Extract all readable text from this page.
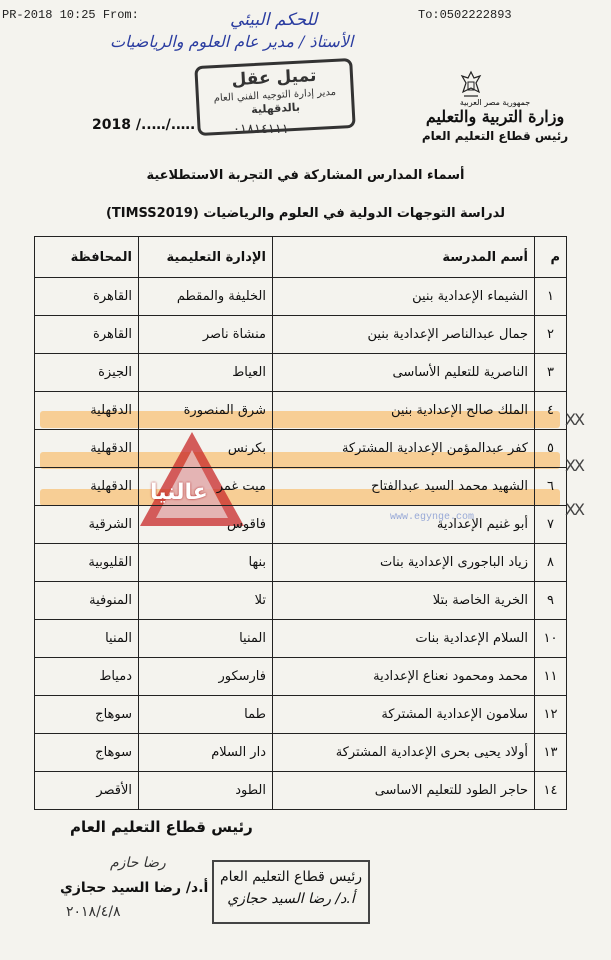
PR-2018 10:25 From:	To:0502222893
للحكم البيئي
الأستاذ / مدير عام العلوم والرياضيات
تميل عقل
مدير إدارة التوجيه الفني العام
بالدقهلية
٠١٨١٤١١١
2018 /..…/.….
جمهورية مصر العربية
وزارة التربية والتعليم
رئيس قطاع التعليم العام
أسماء المدارس المشاركة في التجربة الاستطلاعية
لدراسة التوجهات الدولية في العلوم والرياضيات (TIMSS2019)
عالنيا
www.egynge.com
م	أسم المدرسة	الإدارة التعليمية	المحافظة
١	الشيماء الإعدادية بنين	الخليفة والمقطم	القاهرة
٢	جمال عبدالناصر الإعدادية بنين	منشاة ناصر	القاهرة
٣	الناصرية للتعليم الأساسى	العياط	الجيزة
٤	الملك صالح الإعدادية بنين	شرق المنصورة	الدقهلية
٥	كفر عبدالمؤمن الإعدادية المشتركة	بكرنس	الدقهلية
٦	الشهيد محمد السيد عبدالفتاح	ميت غمر	الدقهلية
٧	أبو غنيم الإعدادية	فاقوس	الشرقية
٨	زياد الباجورى الإعدادية بنات	بنها	القليوبية
٩	الخرية الخاصة بتلا	تلا	المنوفية
١٠	السلام الإعدادية بنات	المنيا	المنيا
١١	محمد ومحمود نعناع الإعدادية	فارسكور	دمياط
١٢	سلامون الإعدادية المشتركة	طما	سوهاج
١٣	أولاد يحيى بحرى الإعدادية المشتركة	دار السلام	سوهاج
١٤	حاجر الطود للتعليم الاساسى	الطود	الأقصر
XX
XX
XX
رئيس قطاع التعليم العام
رضا حازم
أ.د/ رضا السيد حجازي
٢٠١٨/٤/٨
رئيس قطاع التعليم العام
أ.د/ رضا السيد حجازي
